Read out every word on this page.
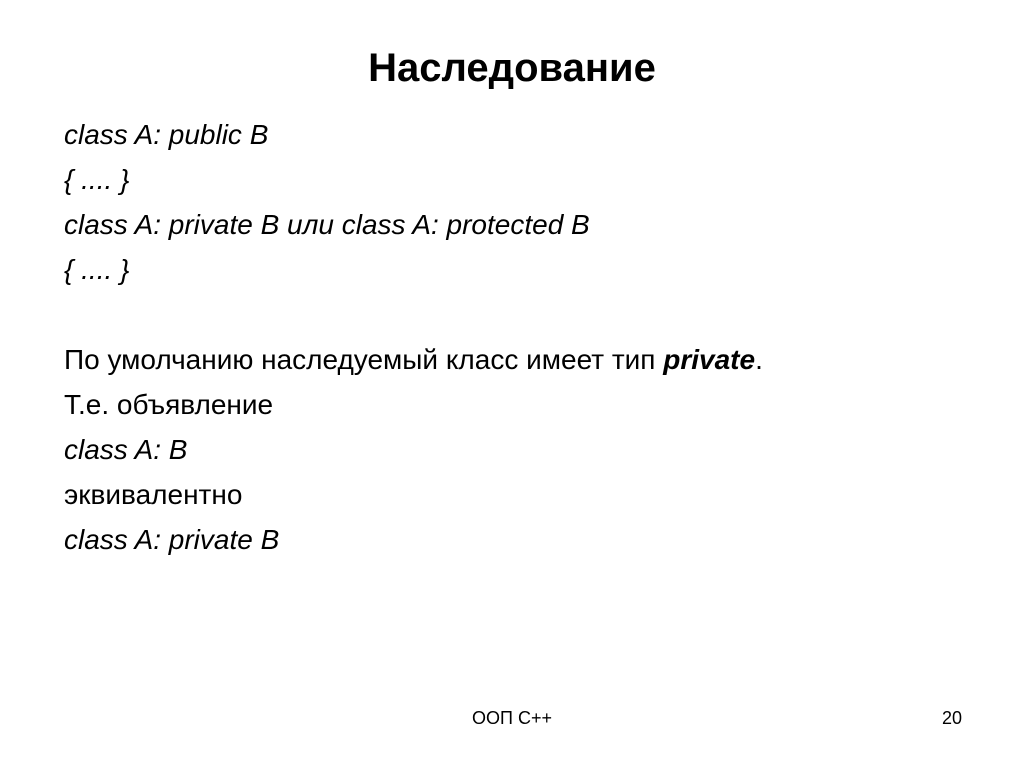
Наследование
class A: public B
{ .... }
class A: private B или class A: protected B
{ .... }
По умолчанию наследуемый класс имеет тип private.
Т.е. объявление
class A: B
эквивалентно
class A: private B
ООП С++	20
